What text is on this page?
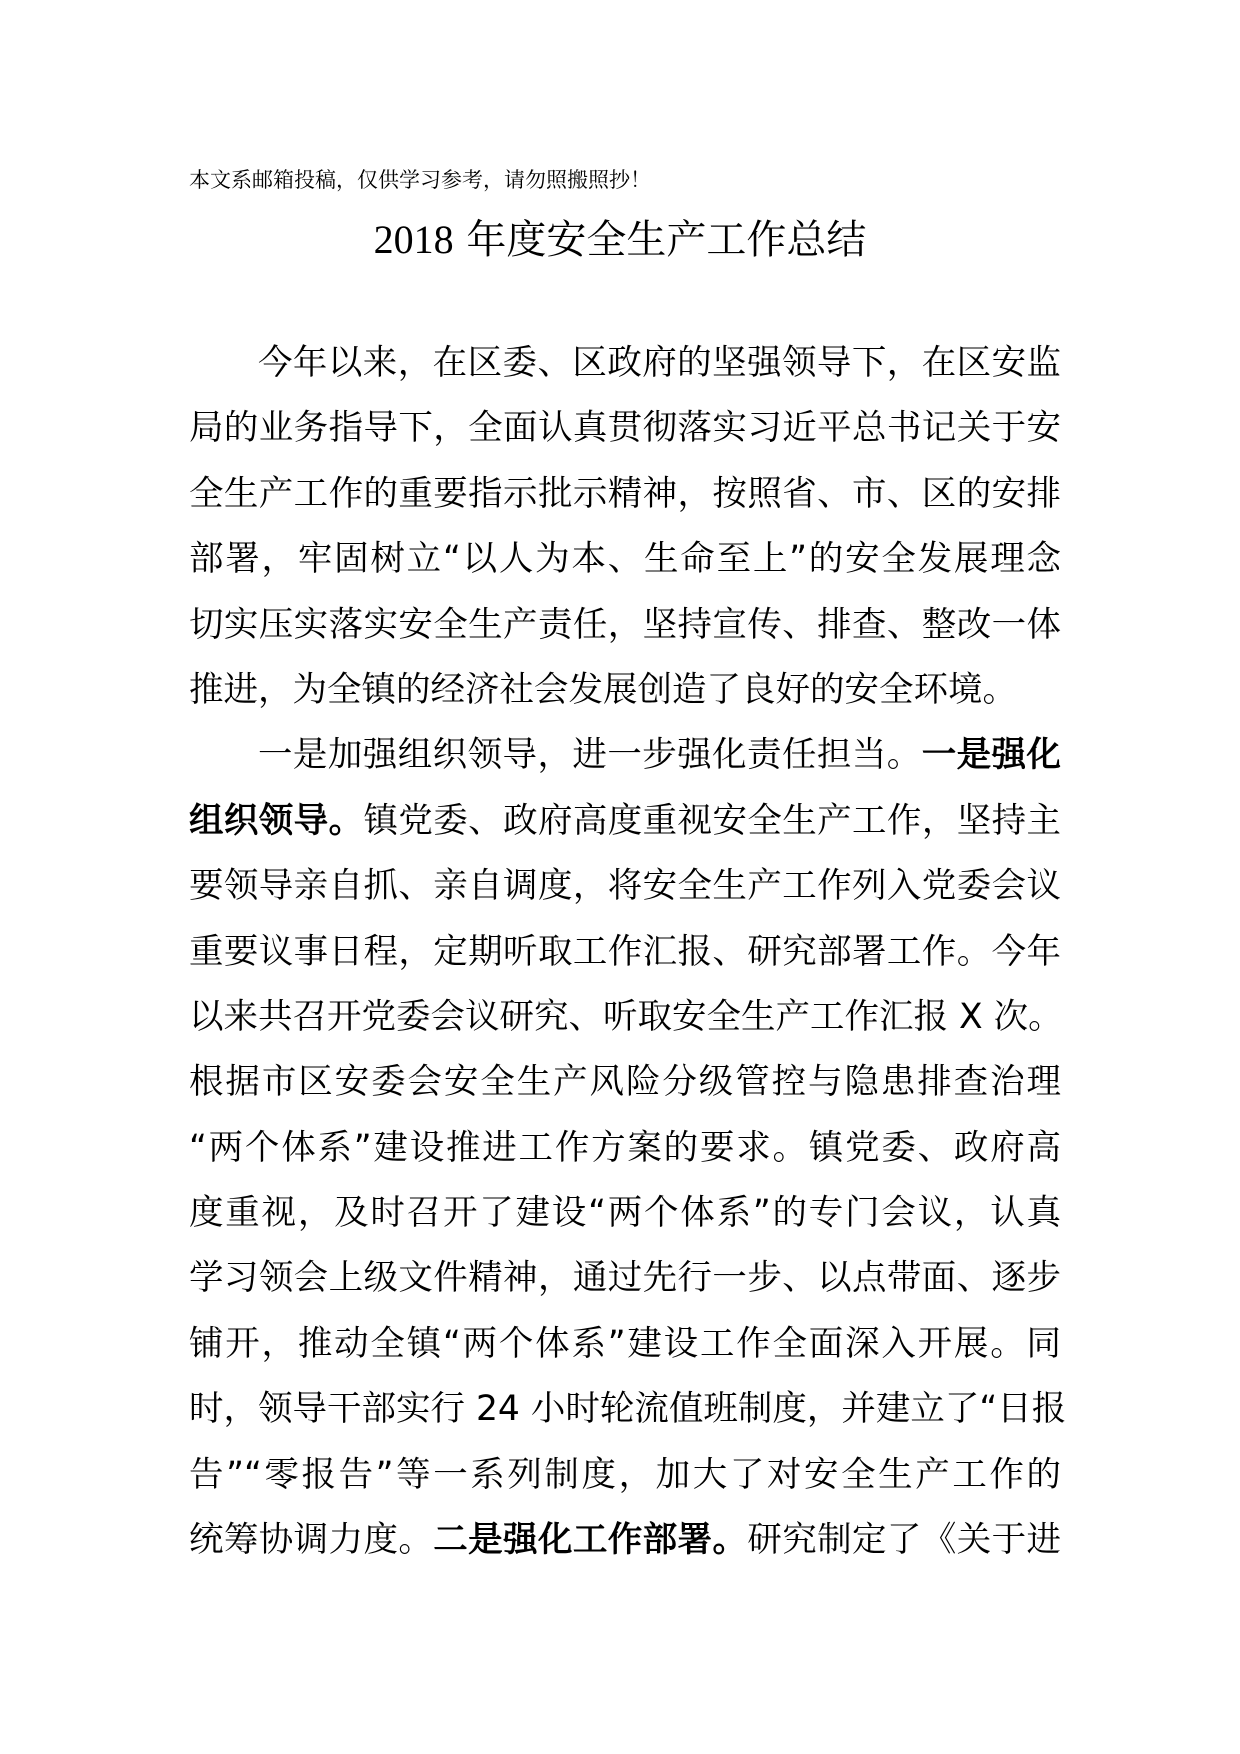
本文系邮箱投稿，仅供学习参考，请勿照搬照抄！
2018 年度安全生产工作总结
今年以来，在区委、区政府的坚强领导下，在区安监
局的业务指导下，全面认真贯彻落实习近平总书记关于安
全生产工作的重要指示批示精神，按照省、市、区的安排
部署，牢固树立“以人为本、生命至上”的安全发展理念
切实压实落实安全生产责任，坚持宣传、排查、整改一体
推进，为全镇的经济社会发展创造了良好的安全环境。
一是加强组织领导，进一步强化责任担当。一是强化
组织领导。镇党委、政府高度重视安全生产工作，坚持主
要领导亲自抓、亲自调度，将安全生产工作列入党委会议
重要议事日程，定期听取工作汇报、研究部署工作。今年
以来共召开党委会议研究、听取安全生产工作汇报 X 次。
根据市区安委会安全生产风险分级管控与隐患排查治理
“两个体系”建设推进工作方案的要求。镇党委、政府高
度重视，及时召开了建设“两个体系”的专门会议，认真
学习领会上级文件精神，通过先行一步、以点带面、逐步
铺开，推动全镇“两个体系”建设工作全面深入开展。同
时，领导干部实行 24 小时轮流值班制度，并建立了“日报
告”“零报告”等一系列制度，加大了对安全生产工作的
统筹协调力度。二是强化工作部署。研究制定了《关于进
